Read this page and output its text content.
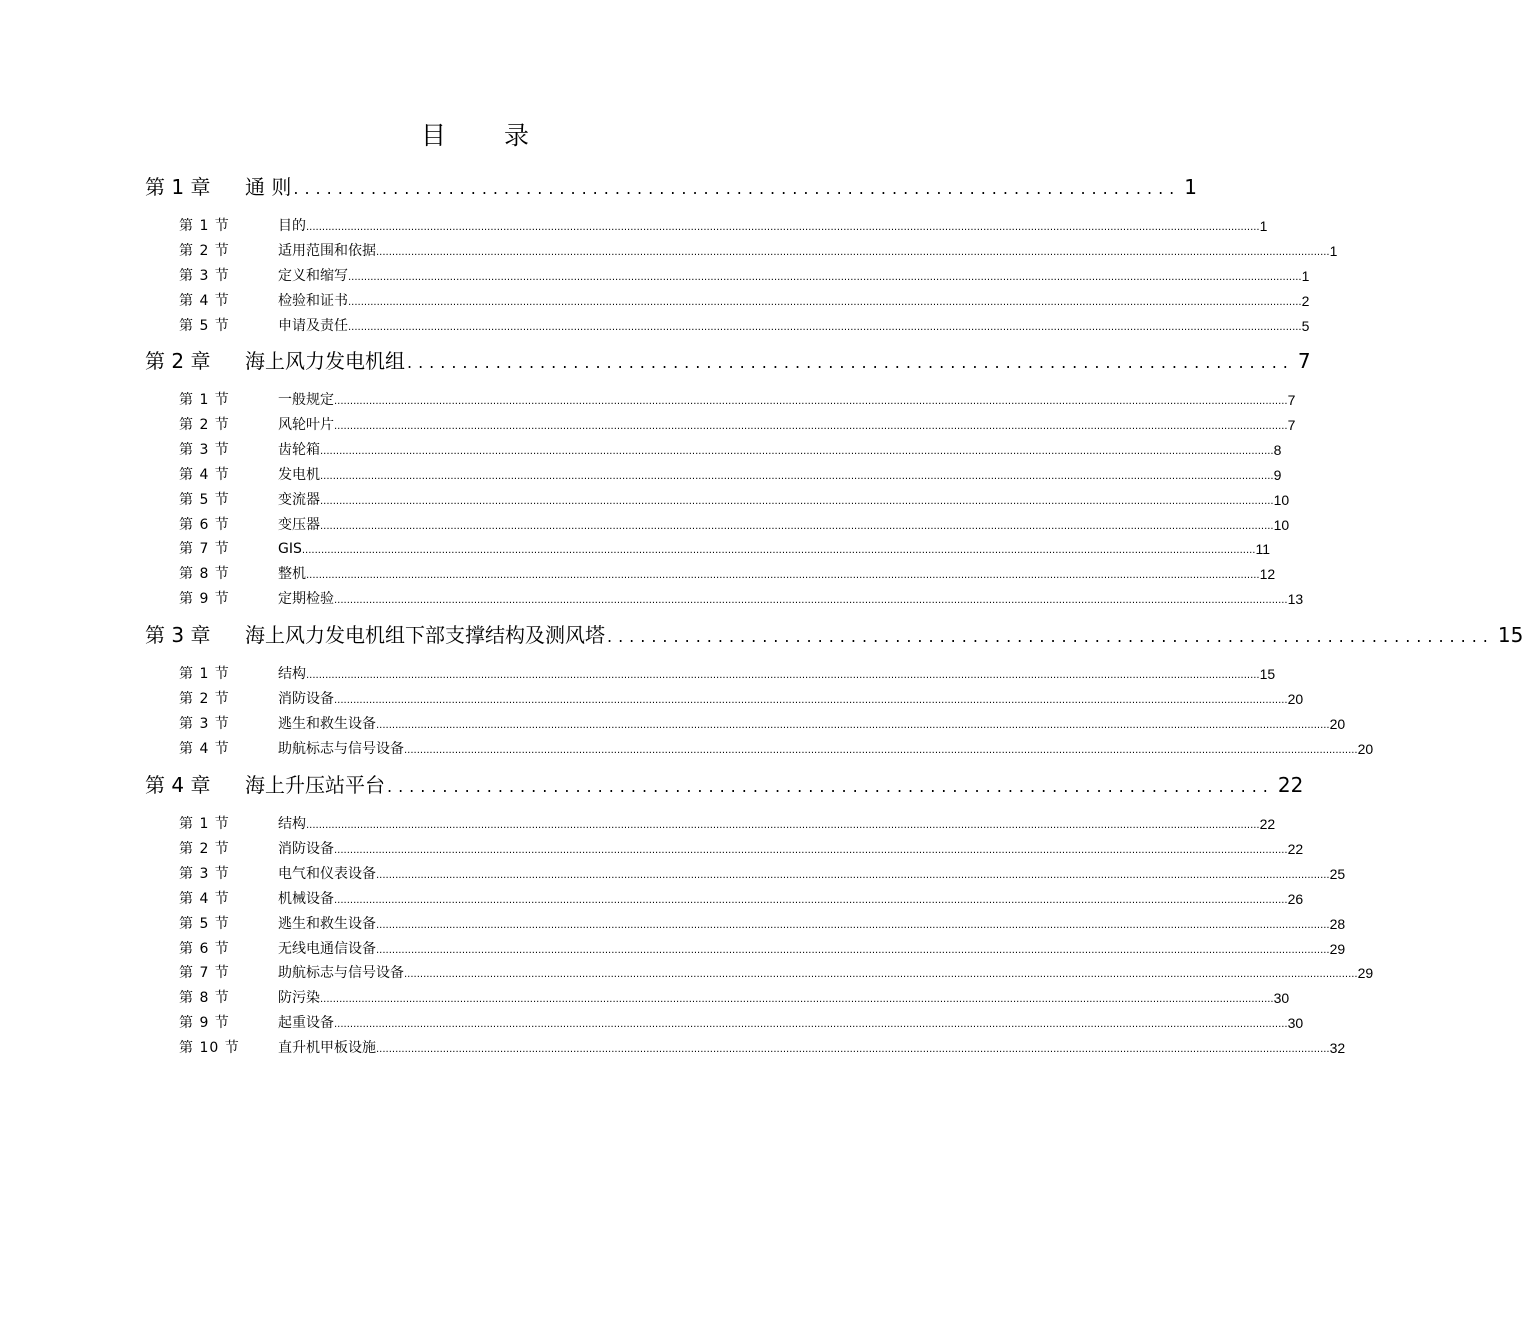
目 录
第 1 章	通 则 ................................................................................ 1
第 1 节	目的 ............................................................................................................................................................................................................................................................................................................ 1
第 2 节	适用范围和依据 ............................................................................................................................................................................................................................................................................................................ 1
第 3 节	定义和缩写 ............................................................................................................................................................................................................................................................................................................ 1
第 4 节	检验和证书 ............................................................................................................................................................................................................................................................................................................ 2
第 5 节	申请及责任 ............................................................................................................................................................................................................................................................................................................ 5
第 2 章	海上风力发电机组 ................................................................................ 7
第 1 节	一般规定 ............................................................................................................................................................................................................................................................................................................ 7
第 2 节	风轮叶片 ............................................................................................................................................................................................................................................................................................................ 7
第 3 节	齿轮箱 ............................................................................................................................................................................................................................................................................................................ 8
第 4 节	发电机 ............................................................................................................................................................................................................................................................................................................ 9
第 5 节	变流器 ............................................................................................................................................................................................................................................................................................................ 10
第 6 节	变压器 ............................................................................................................................................................................................................................................................................................................ 10
第 7 节	GIS ............................................................................................................................................................................................................................................................................................................ 11
第 8 节	整机 ............................................................................................................................................................................................................................................................................................................ 12
第 9 节	定期检验 ............................................................................................................................................................................................................................................................................................................ 13
第 3 章	海上风力发电机组下部支撑结构及测风塔 ................................................................................ 15
第 1 节	结构 ............................................................................................................................................................................................................................................................................................................ 15
第 2 节	消防设备 ............................................................................................................................................................................................................................................................................................................ 20
第 3 节	逃生和救生设备 ............................................................................................................................................................................................................................................................................................................ 20
第 4 节	助航标志与信号设备 ............................................................................................................................................................................................................................................................................................................ 20
第 4 章	海上升压站平台 ................................................................................ 22
第 1 节	结构 ............................................................................................................................................................................................................................................................................................................ 22
第 2 节	消防设备 ............................................................................................................................................................................................................................................................................................................ 22
第 3 节	电气和仪表设备 ............................................................................................................................................................................................................................................................................................................ 25
第 4 节	机械设备 ............................................................................................................................................................................................................................................................................................................ 26
第 5 节	逃生和救生设备 ............................................................................................................................................................................................................................................................................................................ 28
第 6 节	无线电通信设备 ............................................................................................................................................................................................................................................................................................................ 29
第 7 节	助航标志与信号设备 ............................................................................................................................................................................................................................................................................................................ 29
第 8 节	防污染 ............................................................................................................................................................................................................................................................................................................ 30
第 9 节	起重设备 ............................................................................................................................................................................................................................................................................................................ 30
第 10 节	直升机甲板设施 ............................................................................................................................................................................................................................................................................................................ 32
